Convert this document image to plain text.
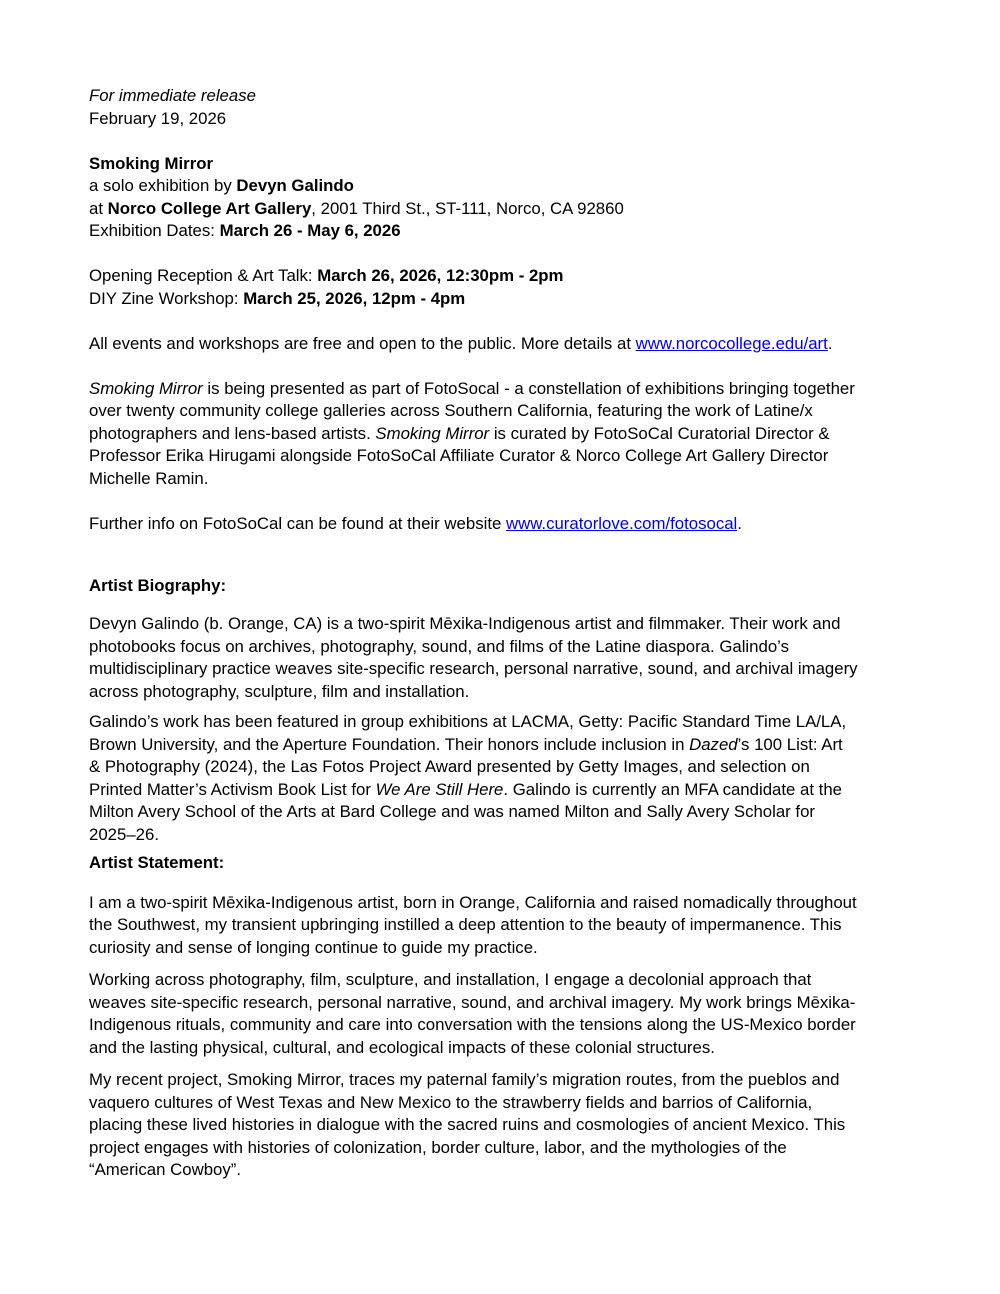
For immediate release
February 19, 2026
Smoking Mirror
a solo exhibition by Devyn Galindo
at Norco College Art Gallery, 2001 Third St., ST-111, Norco, CA 92860
Exhibition Dates: March 26 - May 6, 2026
Opening Reception & Art Talk: March 26, 2026, 12:30pm - 2pm
DIY Zine Workshop: March 25, 2026, 12pm - 4pm
All events and workshops are free and open to the public. More details at www.norcocollege.edu/art.
Smoking Mirror is being presented as part of FotoSocal - a constellation of exhibitions bringing together
over twenty community college galleries across Southern California, featuring the work of Latine/x
photographers and lens-based artists. Smoking Mirror is curated by FotoSoCal Curatorial Director &
Professor Erika Hirugami alongside FotoSoCal Affiliate Curator & Norco College Art Gallery Director
Michelle Ramin.
Further info on FotoSoCal can be found at their website www.curatorlove.com/fotosocal.
Artist Biography:
Devyn Galindo (b. Orange, CA) is a two-spirit Mēxika-Indigenous artist and filmmaker. Their work and
photobooks focus on archives, photography, sound, and films of the Latine diaspora. Galindo’s
multidisciplinary practice weaves site-specific research, personal narrative, sound, and archival imagery
across photography, sculpture, film and installation.
Galindo’s work has been featured in group exhibitions at LACMA, Getty: Pacific Standard Time LA/LA,
Brown University, and the Aperture Foundation. Their honors include inclusion in Dazed’s 100 List: Art
& Photography (2024), the Las Fotos Project Award presented by Getty Images, and selection on
Printed Matter’s Activism Book List for We Are Still Here. Galindo is currently an MFA candidate at the
Milton Avery School of the Arts at Bard College and was named Milton and Sally Avery Scholar for
2025–26.
Artist Statement:
I am a two-spirit Mēxika-Indigenous artist, born in Orange, California and raised nomadically throughout
the Southwest, my transient upbringing instilled a deep attention to the beauty of impermanence. This
curiosity and sense of longing continue to guide my practice.
Working across photography, film, sculpture, and installation, I engage a decolonial approach that
weaves site-specific research, personal narrative, sound, and archival imagery. My work brings Mēxika-
Indigenous rituals, community and care into conversation with the tensions along the US-Mexico border
and the lasting physical, cultural, and ecological impacts of these colonial structures.
My recent project, Smoking Mirror, traces my paternal family’s migration routes, from the pueblos and
vaquero cultures of West Texas and New Mexico to the strawberry fields and barrios of California,
placing these lived histories in dialogue with the sacred ruins and cosmologies of ancient Mexico. This
project engages with histories of colonization, border culture, labor, and the mythologies of the
“American Cowboy”.
